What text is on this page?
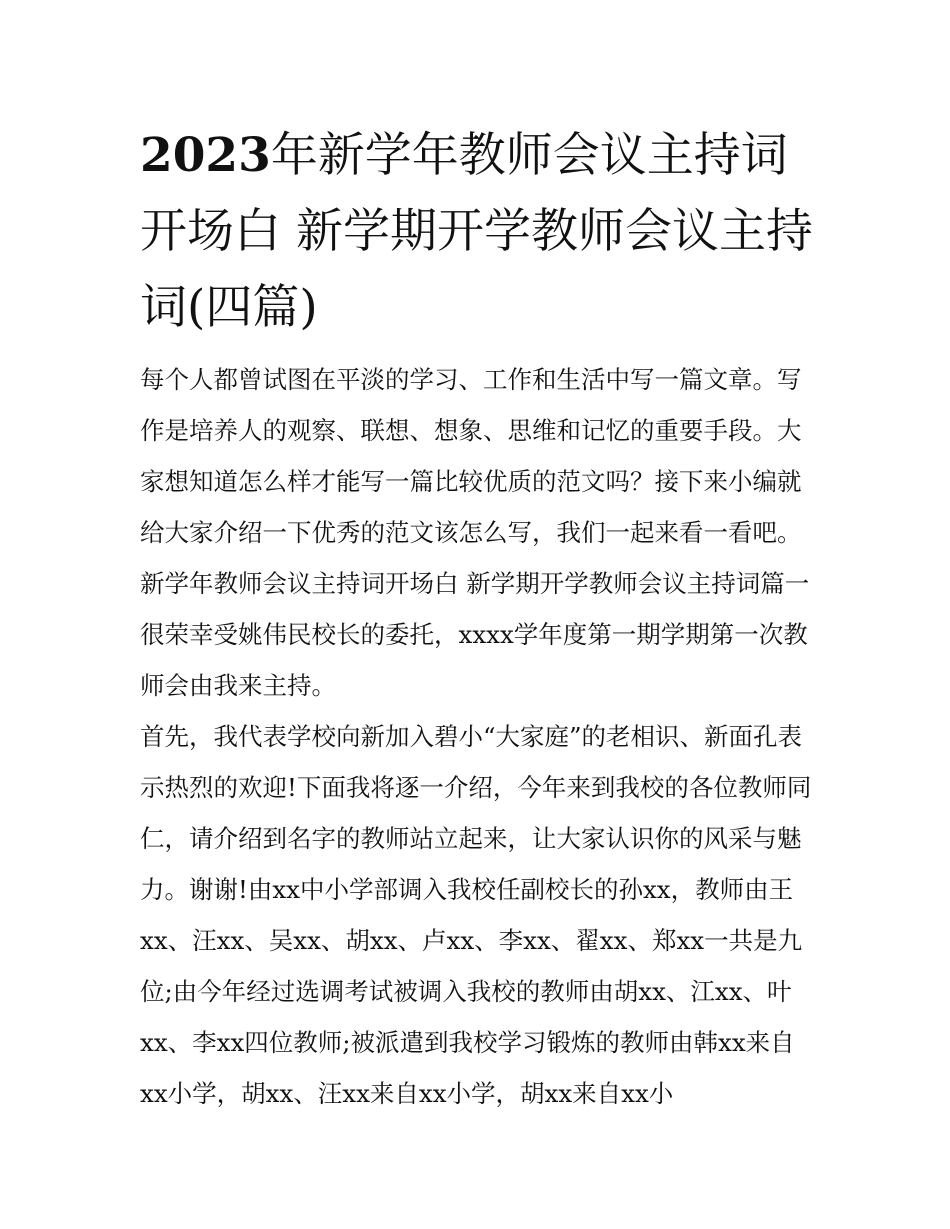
2023年新学年教师会议主持词开场白 新学期开学教师会议主持词(四篇)

每个人都曾试图在平淡的学习、工作和生活中写一篇文章。写作是培养人的观察、联想、想象、思维和记忆的重要手段。大家想知道怎么样才能写一篇比较优质的范文吗？接下来小编就给大家介绍一下优秀的范文该怎么写，我们一起来看一看吧。

新学年教师会议主持词开场白 新学期开学教师会议主持词篇一 很荣幸受姚伟民校长的委托，xxxx学年度第一期学期第一次教师会由我来主持。

首先，我代表学校向新加入碧小“大家庭”的老相识、新面孔表示热烈的欢迎!下面我将逐一介绍，今年来到我校的各位教师同仁，请介绍到名字的教师站立起来，让大家认识你的风采与魅力。谢谢!由xx中小学部调入我校任副校长的孙xx，教师由王xx、汪xx、吴xx、胡xx、卢xx、李xx、翟xx、郑xx一共是九位;由今年经过选调考试被调入我校的教师由胡xx、江xx、叶xx、李xx四位教师;被派遣到我校学习锻炼的教师由韩xx来自xx小学，胡xx、汪xx来自xx小学，胡xx来自xx小
